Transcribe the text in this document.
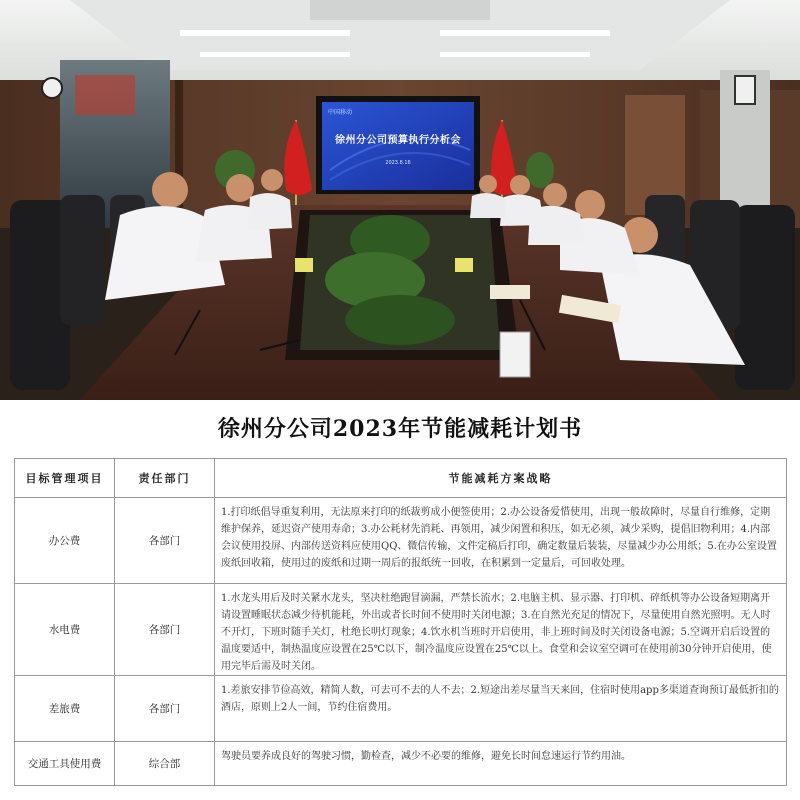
中国移动
徐州分公司预算执行分析会
2023.8.16
徐州分公司2023年节能减耗计划书
目标管理项目	责任部门	节能减耗方案战略
办公费	各部门	1.打印纸倡导重复利用，无法原来打印的纸裁剪成小便签使用；2.办公设备爱惜使用，出现一般故障时，尽量自行维修，定期维护保养，延迟资产使用寿命；3.办公耗材先消耗、再领用，减少闲置和积压，如无必须，减少采购，提倡旧物利用；4.内部会议使用投屏、内部传送资料应使用QQ、微信传输，文件定稿后打印，确定数量后装装，尽量减少办公用纸；5.在办公室设置废纸回收箱，使用过的废纸和过期一周后的报纸统一回收，在积累到一定量后，可回收处理。
水电费	各部门	1.水龙头用后及时关紧水龙头，坚决杜绝跑冒滴漏，严禁长流水；2.电脑主机、显示器、打印机、碎纸机等办公设备短期离开请设置睡眠状态减少待机能耗，外出或者长时间不使用时关闭电源；3.在自然光充足的情况下，尽量使用自然光照明。无人时不开灯，下班时随手关灯，杜绝长明灯现象；4.饮水机当班时开启使用，非上班时间及时关闭设备电源；5.空调开启后设置的温度要适中，制热温度应设置在25℃以下，制冷温度应设置在25℃以上。食堂和会议室空调可在使用前30分钟开启使用，使用完毕后需及时关闭。
差旅费	各部门	1.差旅安排节俭高效，精简人数，可去可不去的人不去；2.短途出差尽量当天来回，住宿时使用app多渠道查询预订最低折扣的酒店，原则上2人一间，节约住宿费用。
交通工具使用费	综合部	驾驶员要养成良好的驾驶习惯，勤检查，减少不必要的维修，避免长时间怠速运行节约用油。
